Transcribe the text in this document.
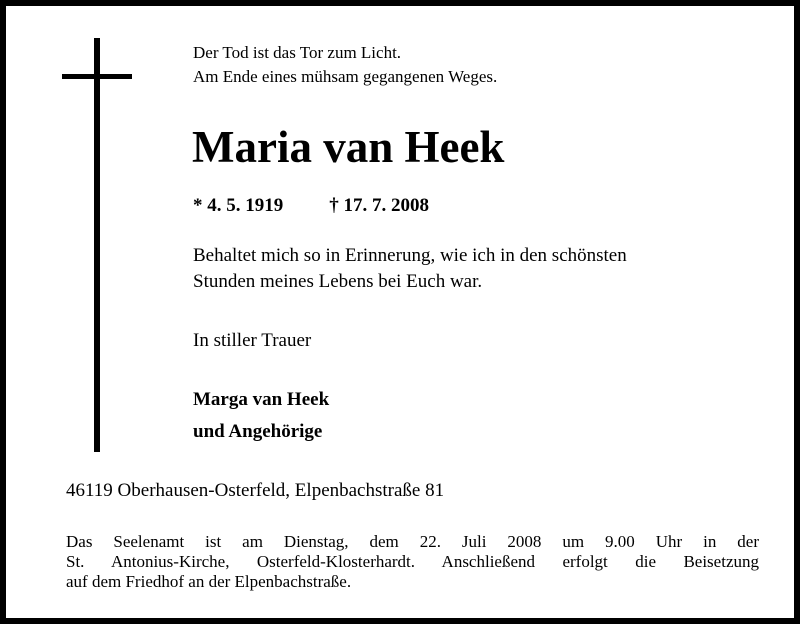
Der Tod ist das Tor zum Licht.
Am Ende eines mühsam gegangenen Weges.
Maria van Heek
* 4. 5. 1919 † 17. 7. 2008
Behaltet mich so in Erinnerung, wie ich in den schönsten
Stunden meines Lebens bei Euch war.
In stiller Trauer
Marga van Heek
und Angehörige
46119 Oberhausen-Osterfeld, Elpenbachstraße 81
Das Seelenamt ist am Dienstag, dem 22. Juli 2008 um 9.00 Uhr in der
St. Antonius-Kirche, Osterfeld-Klosterhardt. Anschließend erfolgt die Beisetzung
auf dem Friedhof an der Elpenbachstraße.
